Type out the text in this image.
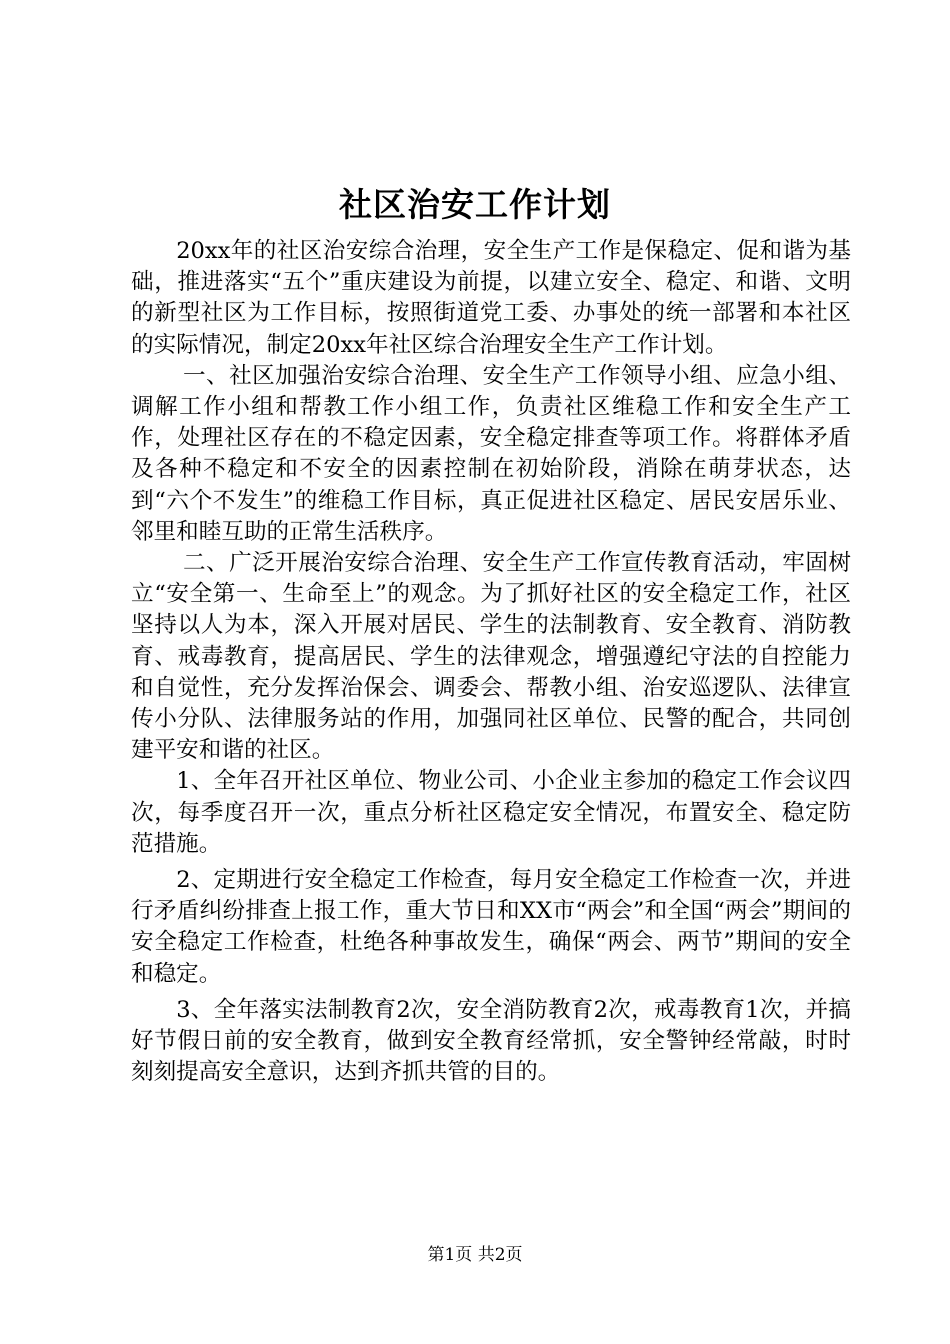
社区治安工作计划

20xx年的社区治安综合治理，安全生产工作是保稳定、促和谐为基础，推进落实“五个”重庆建设为前提，以建立安全、稳定、和谐、文明的新型社区为工作目标，按照街道党工委、办事处的统一部署和本社区的实际情况，制定20xx年社区综合治理安全生产工作计划。

一、社区加强治安综合治理、安全生产工作领导小组、应急小组、调解工作小组和帮教工作小组工作，负责社区维稳工作和安全生产工作，处理社区存在的不稳定因素，安全稳定排查等项工作。将群体矛盾及各种不稳定和不安全的因素控制在初始阶段，消除在萌芽状态，达到“六个不发生”的维稳工作目标，真正促进社区稳定、居民安居乐业、邻里和睦互助的正常生活秩序。

二、广泛开展治安综合治理、安全生产工作宣传教育活动，牢固树立“安全第一、生命至上”的观念。为了抓好社区的安全稳定工作，社区坚持以人为本，深入开展对居民、学生的法制教育、安全教育、消防教育、戒毒教育，提高居民、学生的法律观念，增强遵纪守法的自控能力和自觉性，充分发挥治保会、调委会、帮教小组、治安巡逻队、法律宣传小分队、法律服务站的作用，加强同社区单位、民警的配合，共同创建平安和谐的社区。

1、全年召开社区单位、物业公司、小企业主参加的稳定工作会议四次，每季度召开一次，重点分析社区稳定安全情况，布置安全、稳定防范措施。

2、定期进行安全稳定工作检查，每月安全稳定工作检查一次，并进行矛盾纠纷排查上报工作，重大节日和XX市“两会”和全国“两会”期间的安全稳定工作检查，杜绝各种事故发生，确保“两会、两节”期间的安全和稳定。

3、全年落实法制教育2次，安全消防教育2次，戒毒教育1次，并搞好节假日前的安全教育，做到安全教育经常抓，安全警钟经常敲，时时刻刻提高安全意识，达到齐抓共管的目的。

第1页 共2页
